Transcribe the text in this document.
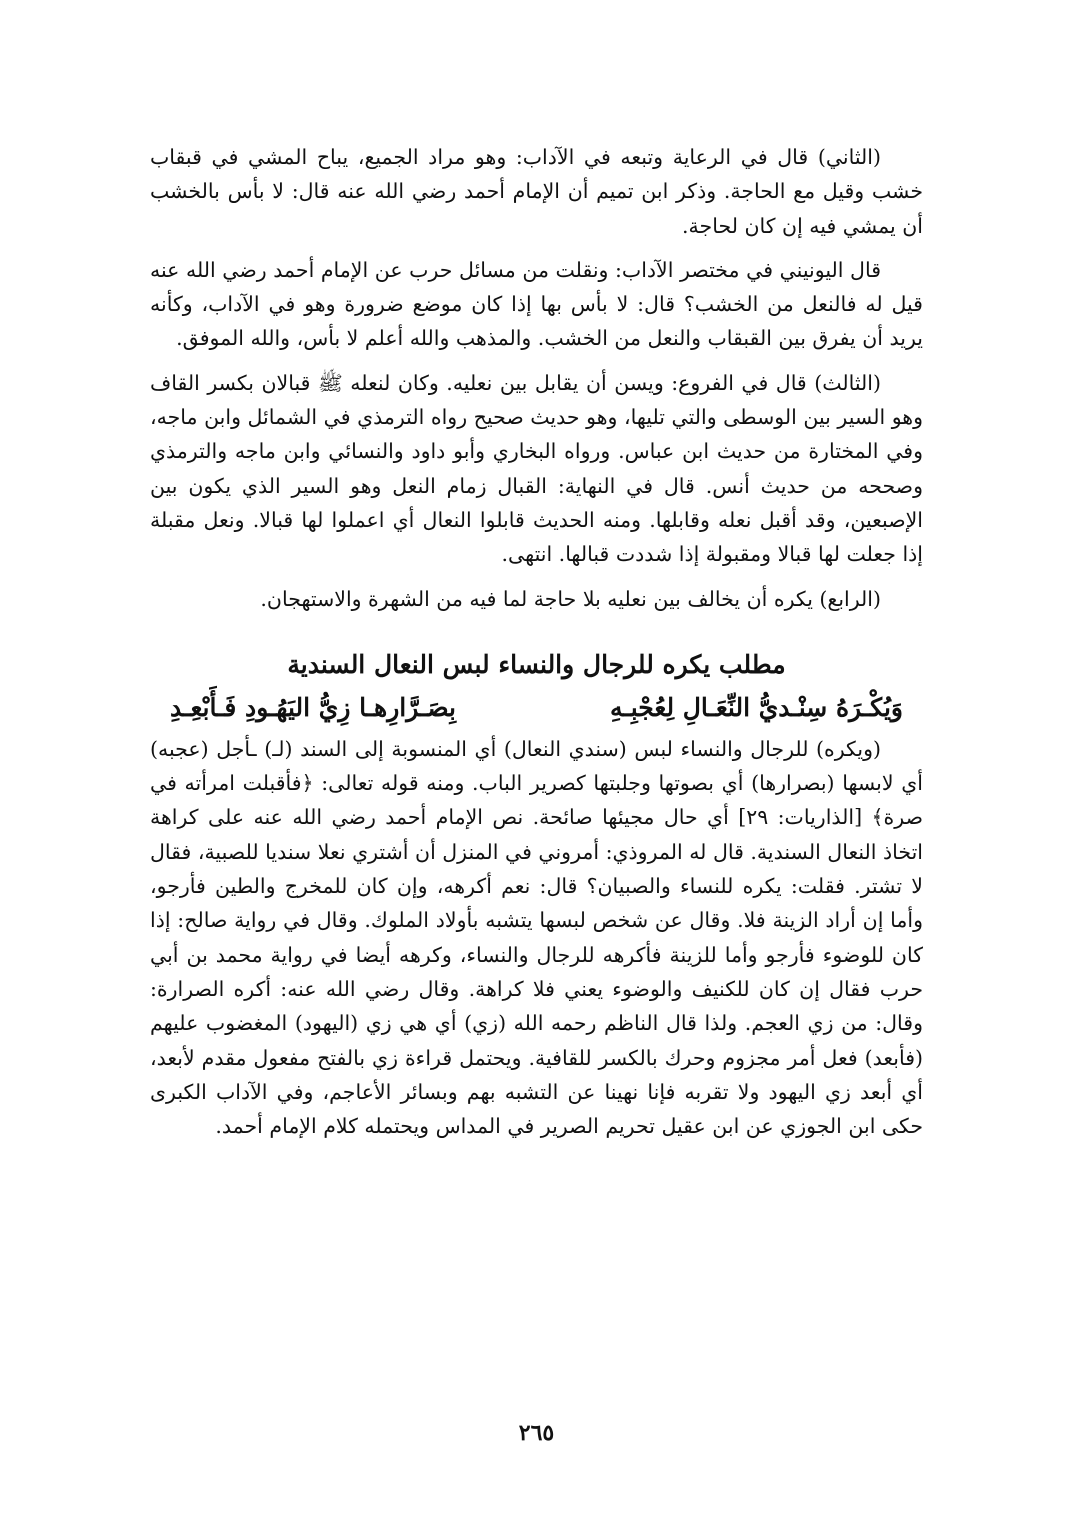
(الثاني) قال في الرعاية وتبعه في الآداب: وهو مراد الجميع، يباح المشي في قبقاب خشب وقيل مع الحاجة. وذكر ابن تميم أن الإمام أحمد رضي الله عنه قال: لا بأس بالخشب أن يمشي فيه إن كان لحاجة.

قال اليونيني في مختصر الآداب: ونقلت من مسائل حرب عن الإمام أحمد رضي الله عنه قيل له فالنعل من الخشب؟ قال: لا بأس بها إذا كان موضع ضرورة وهو في الآداب، وكأنه يريد أن يفرق بين القبقاب والنعل من الخشب. والمذهب والله أعلم لا بأس، والله الموفق.

(الثالث) قال في الفروع: ويسن أن يقابل بين نعليه. وكان لنعله ﷺ قبالان بكسر القاف وهو السير بين الوسطى والتي تليها، وهو حديث صحيح رواه الترمذي في الشمائل وابن ماجه، وفي المختارة من حديث ابن عباس. ورواه البخاري وأبو داود والنسائي وابن ماجه والترمذي وصححه من حديث أنس. قال في النهاية: القبال زمام النعل وهو السير الذي يكون بين الإصبعين، وقد أقبل نعله وقابلها. ومنه الحديث قابلوا النعال أي اعملوا لها قبالا. ونعل مقبلة إذا جعلت لها قبالا ومقبولة إذا شددت قبالها. انتهى.

(الرابع) يكره أن يخالف بين نعليه بلا حاجة لما فيه من الشهرة والاستهجان.

مطلب يكره للرجال والنساء لبس النعال السندية
وَيُكْـرَهُ سِنْـديُّ النِّعَـالِ لِعُجْبِـهِ
بِصَـرَّارِهـا زِيُّ اليَهُـودِ فَـأَبْعِـدِ

(ويكره) للرجال والنساء لبس (سندي النعال) أي المنسوبة إلى السند (لـ) ـأجل (عجبه) أي لابسها (بصرارها) أي بصوتها وجلبتها كصرير الباب. ومنه قوله تعالى: ﴿فأقبلت امرأته في صرة﴾ [الذاريات: ٢٩] أي حال مجيئها صائحة. نص الإمام أحمد رضي الله عنه على كراهة اتخاذ النعال السندية. قال له المروذي: أمروني في المنزل أن أشتري نعلا سنديا للصبية، فقال لا تشتر. فقلت: يكره للنساء والصبيان؟ قال: نعم أكرهه، وإن كان للمخرج والطين فأرجو، وأما إن أراد الزينة فلا. وقال عن شخص لبسها يتشبه بأولاد الملوك. وقال في رواية صالح: إذا كان للوضوء فأرجو وأما للزينة فأكرهه للرجال والنساء، وكرهه أيضا في رواية محمد بن أبي حرب فقال إن كان للكنيف والوضوء يعني فلا كراهة. وقال رضي الله عنه: أكره الصرارة: وقال: من زي العجم. ولذا قال الناظم رحمه الله (زي) أي هي زي (اليهود) المغضوب عليهم (فأبعد) فعل أمر مجزوم وحرك بالكسر للقافية. ويحتمل قراءة زي بالفتح مفعول مقدم لأبعد، أي أبعد زي اليهود ولا تقربه فإنا نهينا عن التشبه بهم وبسائر الأعاجم، وفي الآداب الكبرى حكى ابن الجوزي عن ابن عقيل تحريم الصرير في المداس ويحتمله كلام الإمام أحمد.

٢٦٥
